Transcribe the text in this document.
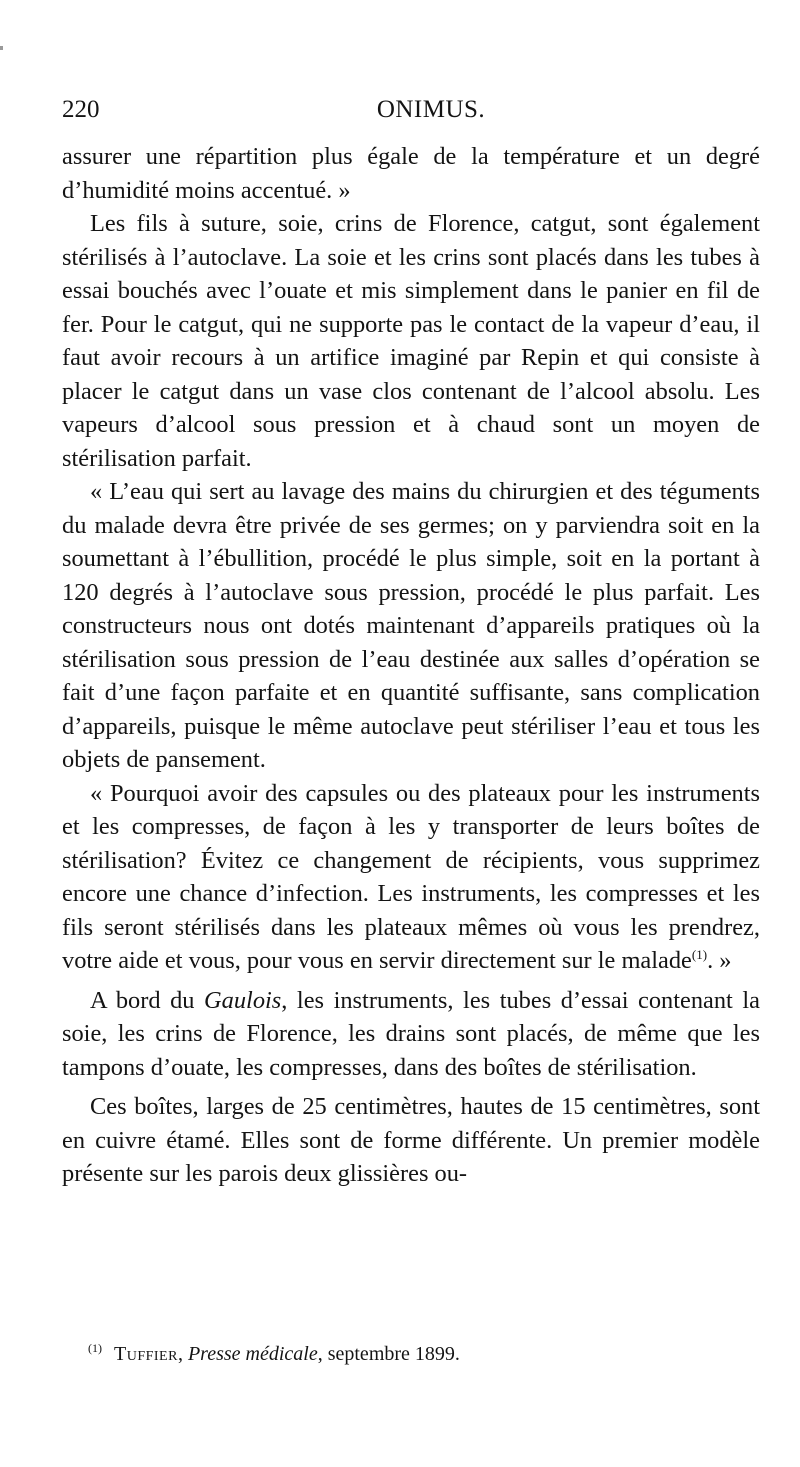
220	ONIMUS.

assurer une répartition plus égale de la température et un degré d’humidité moins accentué. »

Les fils à suture, soie, crins de Florence, catgut, sont également stérilisés à l’autoclave. La soie et les crins sont placés dans les tubes à essai bouchés avec l’ouate et mis simplement dans le panier en fil de fer. Pour le catgut, qui ne supporte pas le contact de la vapeur d’eau, il faut avoir recours à un artifice imaginé par Repin et qui consiste à placer le catgut dans un vase clos contenant de l’alcool absolu. Les vapeurs d’alcool sous pression et à chaud sont un moyen de stérilisation parfait.

« L’eau qui sert au lavage des mains du chirurgien et des téguments du malade devra être privée de ses germes; on y parviendra soit en la soumettant à l’ébullition, procédé le plus simple, soit en la portant à 120 degrés à l’autoclave sous pression, procédé le plus parfait. Les constructeurs nous ont dotés maintenant d’appareils pratiques où la stérilisation sous pression de l’eau destinée aux salles d’opération se fait d’une façon parfaite et en quantité suffisante, sans complication d’appareils, puisque le même autoclave peut stériliser l’eau et tous les objets de pansement.

« Pourquoi avoir des capsules ou des plateaux pour les instruments et les compresses, de façon à les y transporter de leurs boîtes de stérilisation? Évitez ce changement de récipients, vous supprimez encore une chance d’infection. Les instruments, les compresses et les fils seront stérilisés dans les plateaux mêmes où vous les prendrez, votre aide et vous, pour vous en servir directement sur le malade$^{(1)}$. »

A bord du Gaulois, les instruments, les tubes d’essai contenant la soie, les crins de Florence, les drains sont placés, de même que les tampons d’ouate, les compresses, dans des boîtes de stérilisation.

Ces boîtes, larges de 25 centimètres, hautes de 15 centimètres, sont en cuivre étamé. Elles sont de forme différente. Un premier modèle présente sur les parois deux glissières ou-

$^{(1)}$ Tuffier, Presse médicale, septembre 1899.
